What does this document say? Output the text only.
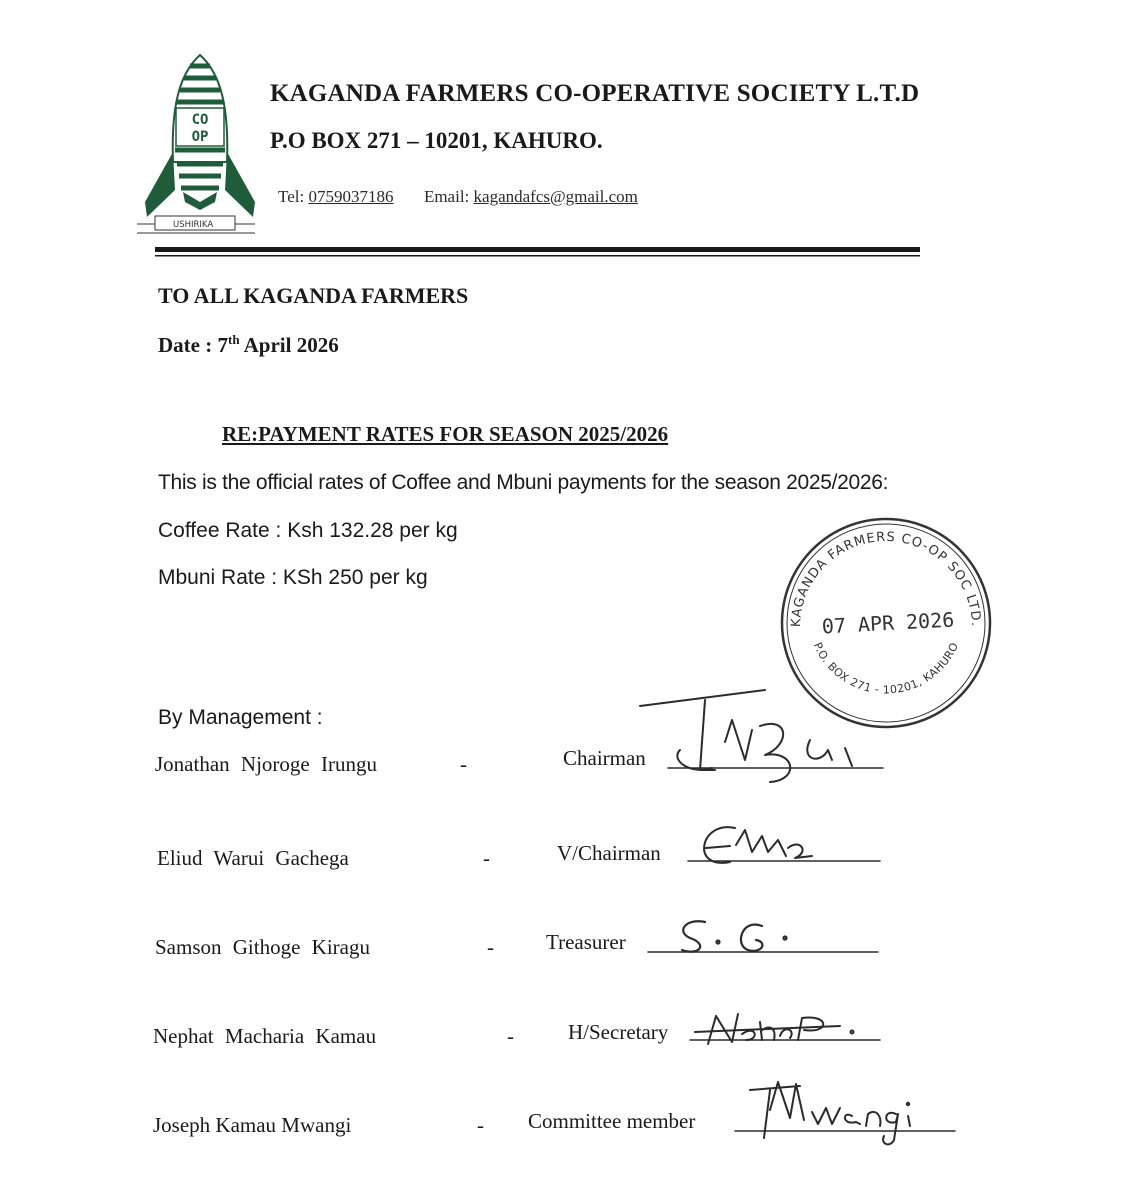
CO
OP
USHIRIKA
KAGANDA FARMERS CO-OPERATIVE SOCIETY L.T.D
P.O BOX 271 – 10201, KAHURO.
Tel: 0759037186 Email: kagandafcs@gmail.com
TO ALL KAGANDA FARMERS
Date : 7th April 2026
RE:PAYMENT RATES FOR SEASON 2025/2026
This is the official rates of Coffee and Mbuni payments for the season 2025/2026:
Coffee Rate : Ksh 132.28 per kg
Mbuni Rate : KSh 250 per kg
KAGANDA FARMERS CO-OP SOC LTD.
P.O. BOX 271 - 10201, KAHURO
07 APR 2026
By Management :
Jonathan Njoroge Irungu	-	Chairman
Eliud Warui Gachega	-	V/Chairman
Samson Githoge Kiragu	- Treasurer
Nephat Macharia Kamau	-	H/Secretary
Joseph Kamau Mwangi	- Committee member
